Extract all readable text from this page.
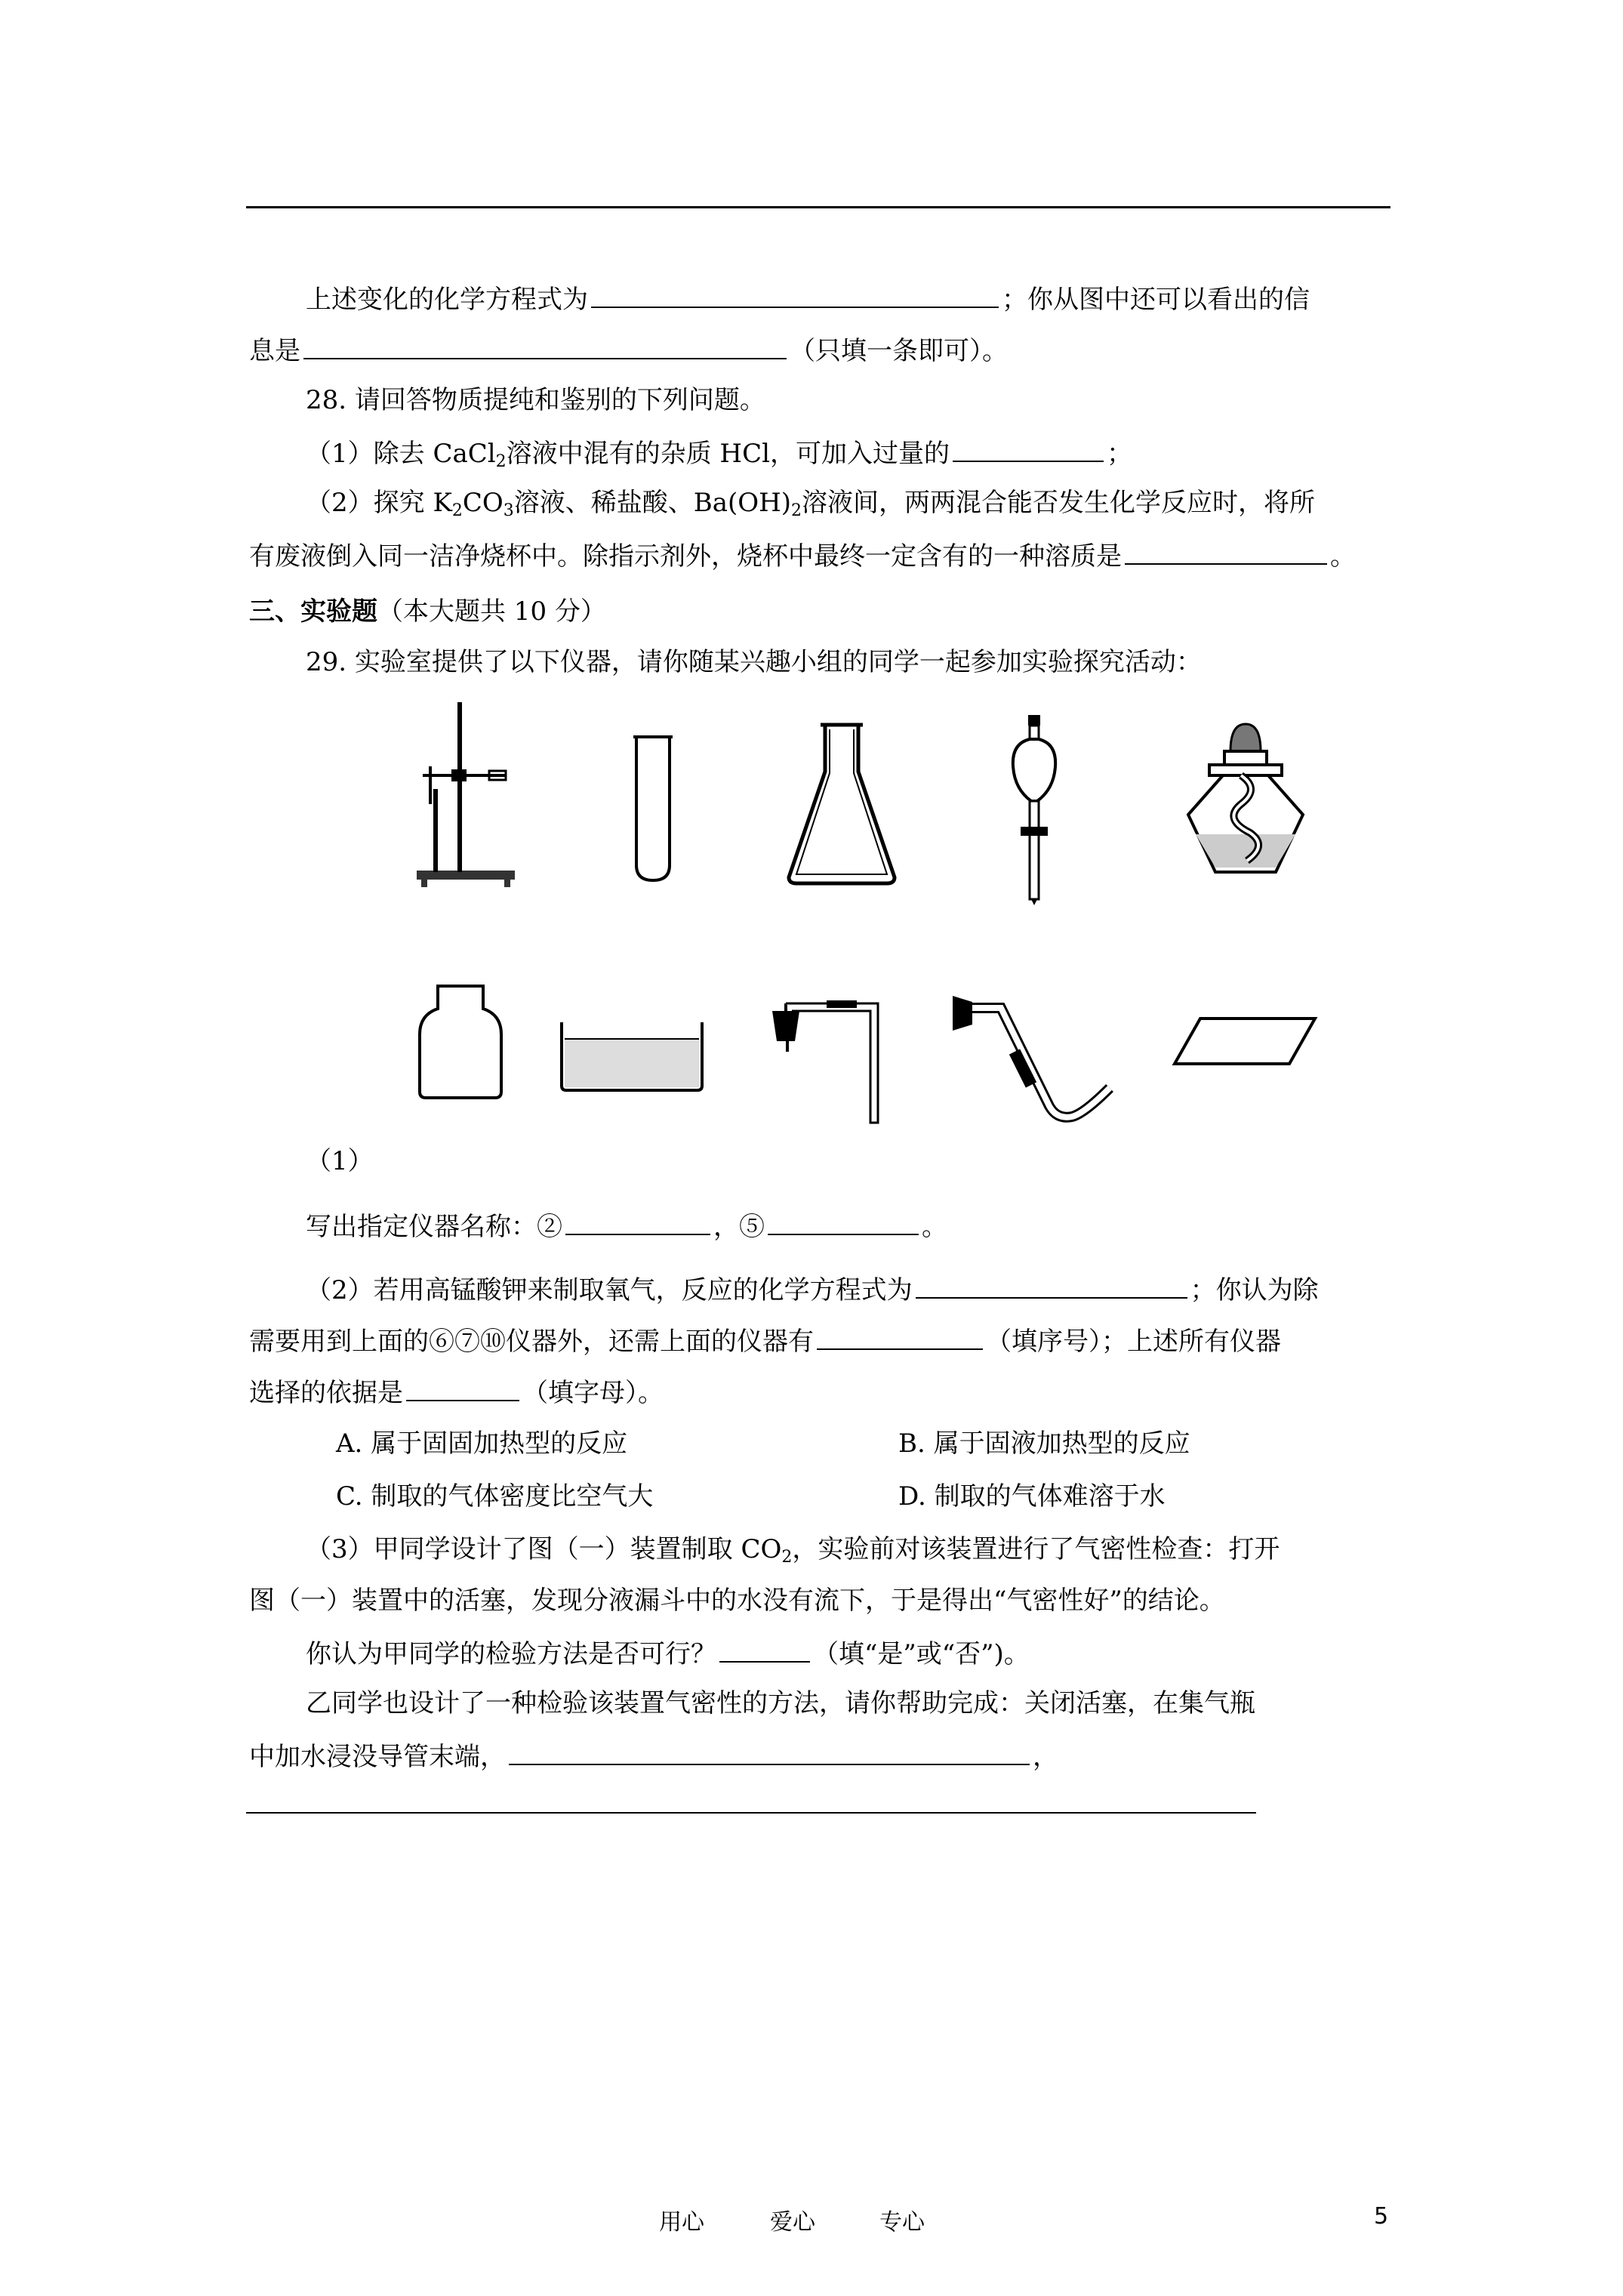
上述变化的化学方程式为	；你从图中还可以看出的信
息是	（只填一条即可）。
28. 请回答物质提纯和鉴别的下列问题。
（1）除去 CaCl$_2$溶液中混有的杂质 HCl，可加入过量的	；
（2）探究 $K_2CO_3$溶液、稀盐酸、$Ba(OH)_2$溶液间，两两混合能否发生化学反应时，将所
有废液倒入同一洁净烧杯中。除指示剂外，烧杯中最终一定含有的一种溶质是	。
三、实验题（本大题共 10 分）
29. 实验室提供了以下仪器，请你随某兴趣小组的同学一起参加实验探究活动：
（1）
写出指定仪器名称：②	，⑤	。
（2）若用高锰酸钾来制取氧气，反应的化学方程式为	；你认为除
需要用到上面的⑥⑦⑩仪器外，还需上面的仪器有	（填序号）；上述所有仪器
选择的依据是	（填字母）。
A. 属于固固加热型的反应	B. 属于固液加热型的反应
C. 制取的气体密度比空气大	D. 制取的气体难溶于水
（3）甲同学设计了图（一）装置制取 $CO_2$，实验前对该装置进行了气密性检查：打开
图（一）装置中的活塞，发现分液漏斗中的水没有流下，于是得出“气密性好”的结论。
你认为甲同学的检验方法是否可行？	（填“是”或“否”)。
乙同学也设计了一种检验该装置气密性的方法，请你帮助完成：关闭活塞，在集气瓶
中加水浸没导管末端，	，
用心	爱心	专心	5
